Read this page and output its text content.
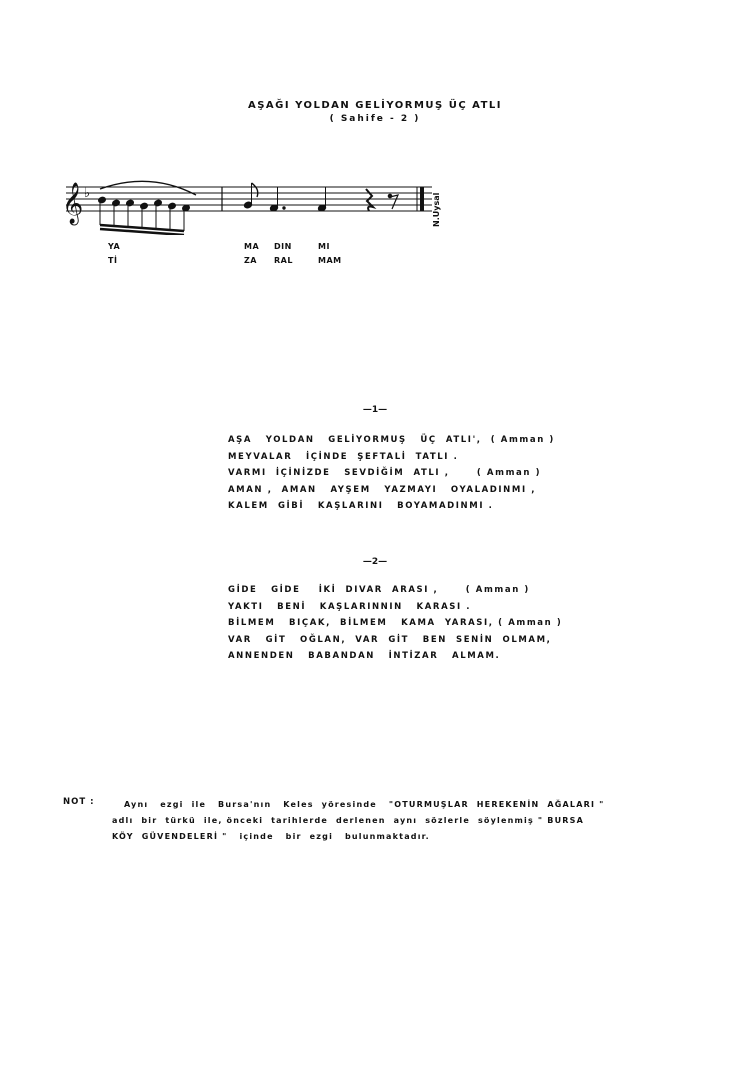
AŞAĞI YOLDAN GELİYORMUŞ ÜÇ ATLI
( Sahife - 2 )
𝄞 ♭	N.Uysal
YA	MA DIN	MI
Tİ	ZA RAL	MAM
—1—
AŞA   YOLDAN   GELİYORMUŞ   ÜÇ  ATLI',  ( Amman )
MEYVALAR   İÇİNDE  ŞEFTALİ  TATLI .
VARMI  İÇİNİZDE   SEVDİĞİM  ATLI ,      ( Amman )
AMAN ,  AMAN   AYŞEM   YAZMAYI   OYALADINMI ,
KALEM  GİBİ   KAŞLARINI   BOYAMADINMI .
—2—
GİDE   GİDE    İKİ  DIVAR  ARASI ,      ( Amman )
YAKTI   BENİ   KAŞLARINNIN   KARASI .
BİLMEM   BIÇAK,  BİLMEM   KAMA  YARASI, ( Amman )
VAR   GİT   OĞLAN,  VAR  GİT   BEN  SENİN  OLMAM,
ANNENDEN   BABANDAN   İNTİZAR   ALMAM.
NOT : Aynı   ezgi  ile   Bursa'nın   Keles  yöresinde   "OTURMUŞLAR  HEREKENİN  AĞALARI "
adlı  bir  türkü  ile, önceki  tarihlerde  derlenen  aynı  sözlerle  söylenmiş " BURSA
KÖY  GÜVENDELERİ "   içinde   bir  ezgi   bulunmaktadır.
